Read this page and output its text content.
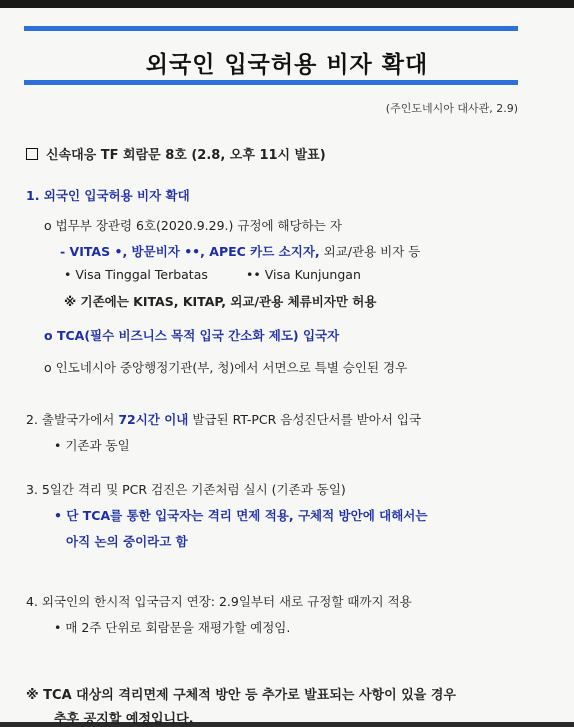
외국인 입국허용 비자 확대
(주인도네시아 대사관, 2.9)
신속대응 TF 회람문 8호 (2.8, 오후 11시 발표)
1. 외국인 입국허용 비자 확대
o 법무부 장관령 6호(2020.9.29.) 규정에 해당하는 자
- VITAS •, 방문비자 ••, APEC 카드 소지자, 외교/관용 비자 등
• Visa Tinggal Terbatas	•• Visa Kunjungan
※ 기존에는 KITAS, KITAP, 외교/관용 체류비자만 허용
o TCA(필수 비즈니스 목적 입국 간소화 제도) 입국자
o 인도네시아 중앙행정기관(부, 청)에서 서면으로 특별 승인된 경우
2. 출발국가에서 72시간 이내 발급된 RT-PCR 음성진단서를 받아서 입국
• 기존과 동일
3. 5일간 격리 및 PCR 검진은 기존처럼 실시 (기존과 동일)
• 단 TCA를 통한 입국자는 격리 면제 적용, 구체적 방안에 대해서는
아직 논의 중이라고 함
4. 외국인의 한시적 입국금지 연장: 2.9일부터 새로 규정할 때까지 적용
• 매 2주 단위로 회람문을 재평가할 예정임.
※ TCA 대상의 격리면제 구체적 방안 등 추가로 발표되는 사항이 있을 경우
추후 공지할 예정입니다.
